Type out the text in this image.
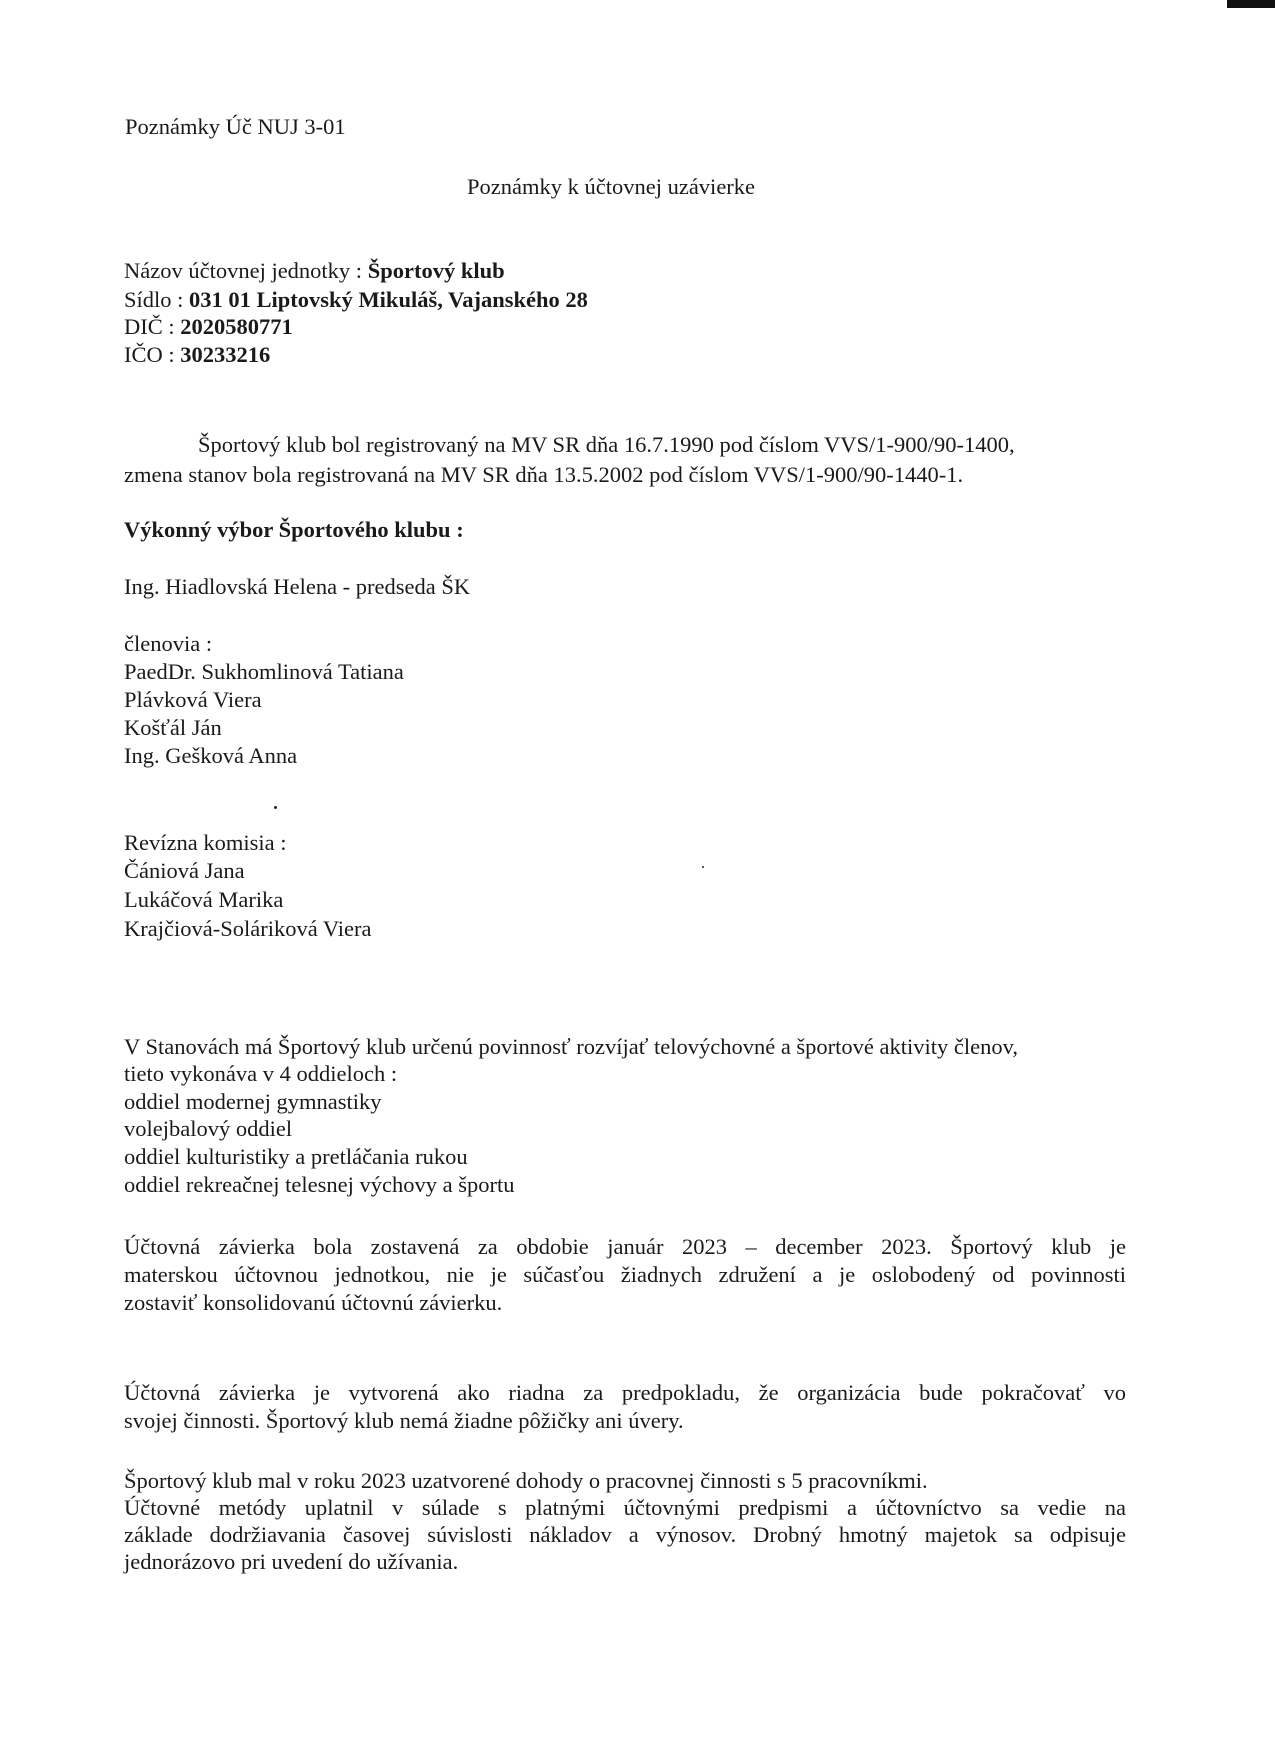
Poznámky Úč NUJ 3-01
Poznámky k účtovnej uzávierke
Názov účtovnej jednotky : Športový klub
Sídlo : 031 01 Liptovský Mikuláš, Vajanského 28
DIČ : 2020580771
IČO : 30233216
Športový klub bol registrovaný na MV SR dňa 16.7.1990 pod číslom VVS/1-900/90-1400,
zmena stanov bola registrovaná na MV SR dňa 13.5.2002 pod číslom VVS/1-900/90-1440-1.
Výkonný výbor Športového klubu :
Ing. Hiadlovská Helena - predseda ŠK
členovia :
PaedDr. Sukhomlinová Tatiana
Plávková Viera
Košťál Ján
Ing. Gešková Anna
Revízna komisia :
Čániová Jana
Lukáčová Marika
Krajčiová-Soláriková Viera
V Stanovách má Športový klub určenú povinnosť rozvíjať telovýchovné a športové aktivity členov,
tieto vykonáva v 4 oddieloch :
oddiel modernej gymnastiky
volejbalový oddiel
oddiel kulturistiky a pretláčania rukou
oddiel rekreačnej telesnej výchovy a športu
Účtovná závierka bola zostavená za obdobie január 2023 – december 2023. Športový klub je
materskou účtovnou jednotkou, nie je súčasťou žiadnych združení a je oslobodený od povinnosti
zostaviť konsolidovanú účtovnú závierku.
Účtovná závierka je vytvorená ako riadna za predpokladu, že organizácia bude pokračovať vo
svojej činnosti. Športový klub nemá žiadne pôžičky ani úvery.
Športový klub mal v roku 2023 uzatvorené dohody o pracovnej činnosti s 5 pracovníkmi.
Účtovné metódy uplatnil v súlade s platnými účtovnými predpismi a účtovníctvo sa vedie na
základe dodržiavania časovej súvislosti nákladov a výnosov. Drobný hmotný majetok sa odpisuje
jednorázovo pri uvedení do užívania.
